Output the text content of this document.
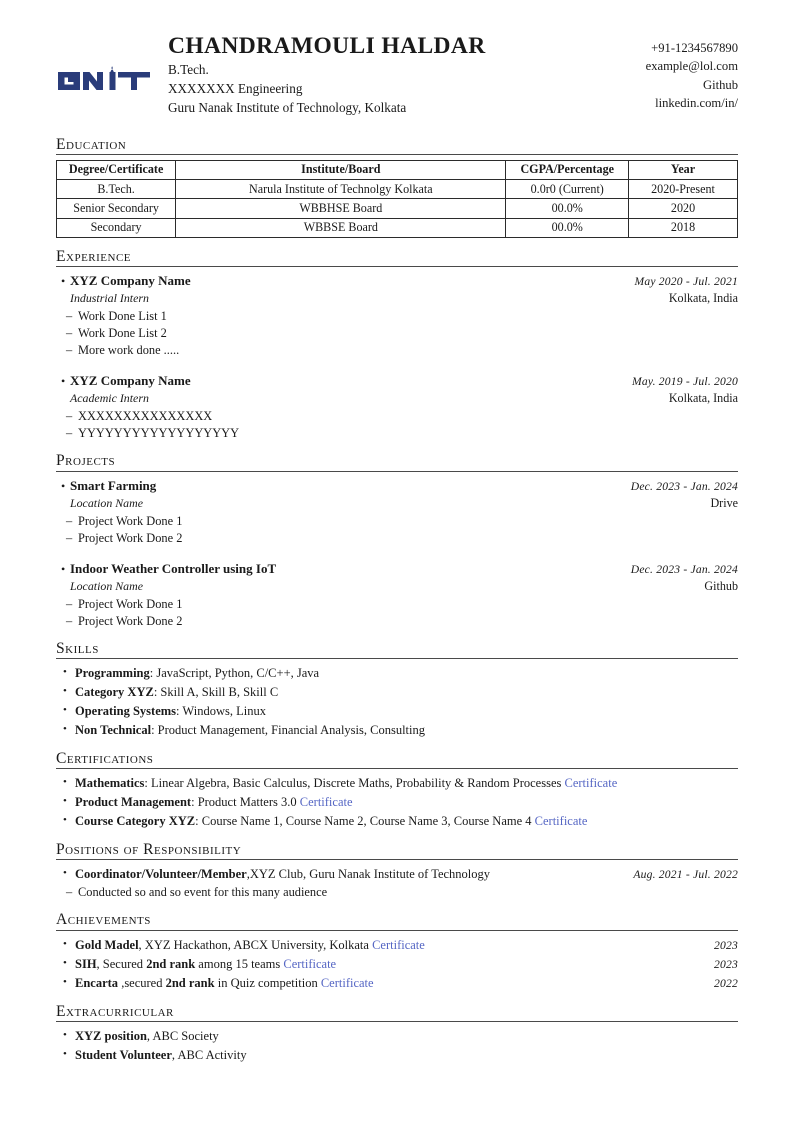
CHANDRAMOULI HALDAR
B.Tech.
XXXXXXX Engineering
Guru Nanak Institute of Technology, Kolkata
+91-1234567890
example@lol.com
Github
linkedin.com/in/
Education
Degree/Certificate	Institute/Board	CGPA/Percentage	Year
B.Tech.	Narula Institute of Technolgy Kolkata	0.0r0 (Current)	2020-Present
Senior Secondary	WBBHSE Board	00.0%	2020
Secondary	WBBSE Board	00.0%	2018
Experience
•
XYZ Company Name	May 2020 - Jul. 2021
Industrial Intern	Kolkata, India
– Work Done List 1
– Work Done List 2
– More work done .....
•
XYZ Company Name	May. 2019 - Jul. 2020
Academic Intern	Kolkata, India
– XXXXXXXXXXXXXXX
– YYYYYYYYYYYYYYYYYY
Projects
•
Smart Farming	Dec. 2023 - Jan. 2024
Location Name	Drive
– Project Work Done 1
– Project Work Done 2
•
Indoor Weather Controller using IoT	Dec. 2023 - Jan. 2024
Location Name	Github
– Project Work Done 1
– Project Work Done 2
Skills
• Programming: JavaScript, Python, C/C++, Java
• Category XYZ: Skill A, Skill B, Skill C
• Operating Systems: Windows, Linux
• Non Technical: Product Management, Financial Analysis, Consulting
Certifications
• Mathematics: Linear Algebra, Basic Calculus, Discrete Maths, Probability & Random Processes Certificate
• Product Management: Product Matters 3.0 Certificate
• Course Category XYZ: Course Name 1, Course Name 2, Course Name 3, Course Name 4 Certificate
Positions of Responsibility
• Coordinator/Volunteer/Member,XYZ Club, Guru Nanak Institute of Technology	Aug. 2021 - Jul. 2022
– Conducted so and so event for this many audience
Achievements
• Gold Madel, XYZ Hackathon, ABCX University, Kolkata Certificate	2023
• SIH, Secured 2nd rank among 15 teams Certificate	2023
• Encarta ,secured 2nd rank in Quiz competition Certificate	2022
Extracurricular
• XYZ position, ABC Society
• Student Volunteer, ABC Activity
